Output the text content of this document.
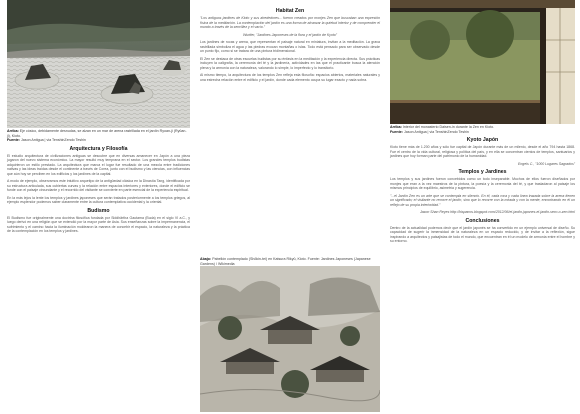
Arriba: Eje cósico, debidamente desnudas, se alzan en un mar de arena rastrillada en el jardín Ryoan-ji (Ryūan-ji), Kioto.
Fuente: Jason Antigua | via TenshinZendo Teshin
Arquitectura y Filosofía

El estudio arquitectura de civilizaciones antiguas se descubre que en diversas amanecer en Japón a una pieza jugaron del nuevo sistema económico. La mayor resultó muy temprana en el sector. Los grandes templos budistas adquirieron un estilo prestado. La arquitectura que marca el lugar fue resultado de una mezcla entre tradiciones nativas y las ideas traídas desde el continente a través de Corea, junto con el budismo y las ciencias, con influencias que aún hoy se perciben en los edificios y los jardines de la capital.

A modo de ejemplo, observamos este intuitivo arquetipo de la antigüedad clásica en la Dinastía Tang, identificada por su estructura articulada, sus cubiertas curvas y la relación entre espacios interiores y exteriores, donde el edificio se funde con el paisaje circundante y el recorrido del visitante se convierte en parte esencial de la experiencia espiritual.

En la más lejos la lente los templos y jardines japoneses que serán tratados posteriormente a los templos griegos, al ejemplo esplendor podemos saber claramente entre la cultura contemplativa occidental y la oriental.

Budismo

El Budismo fue originalmente una doctrina filosófica fundada por Siddhārtha Gautama (Buda) en el siglo VI a.C., y luego derivó en una religión que se extendió por la mayor parte de Asia. Sus enseñanzas sobre la impermanencia, el sufrimiento y el camino hacia la iluminación moldearon la manera de concebir el espacio, la naturaleza y la práctica de la contemplación en los templos y jardines.

Habitat Zen

"Los antiguos jardines de Kioto y sus alrededores... fueron creados por monjes Zen que buscaban una expresión física de la meditación. La contemplación del jardín es una forma de alcanzar la quietud interior y de comprender el mundo a través de la sencillez y el vacío."

Wurtter, "Jardines Japoneses de la flora y el jardín de Kyoto"

Los jardines de rocas y arena, que representan el paisaje natural en miniatura, invitan a la meditación. La grava rastrillada simboliza el agua y las piedras evocan montañas o islas. Todo está pensado para ser observado desde un punto fijo, como si se tratara de una pintura tridimensional.

El Zen se destaca de otras escuelas budistas por su énfasis en la meditación y la experiencia directa. Sus prácticas incluyen la caligrafía, la ceremonia del té y la jardinería, actividades en las que el practicante busca la atención plena y la armonía con la naturaleza, valorando lo simple, lo imperfecto y lo transitorio.

Al mismo tiempo, la arquitectura de los templos Zen refleja esta filosofía: espacios abiertos, materiales naturales y una estrecha relación entre el edificio y el jardín, donde cada elemento ocupa su lugar exacto y nada sobra.

Abajo: Pabellón contemplado (Shōkin-tei) en Katsura Rikyū, Kioto. Fuente: Jardines Japoneses (Japanese Gardens) / Wikimedia
Arriba: Interior del monasterio Daisen-in durante la Zen en Kioto.
Fuente: Jason Antigua | via TenshinZendo Teshin
Kyoto Japón

Kioto tiene más de 1.200 años y sólo fue capital de Japón durante más de un milenio, desde el año 794 hasta 1868. Fue el centro de la vida cultural, religiosa y política del país, y en ella se concentran cientos de templos, santuarios y jardines que hoy forman parte del patrimonio de la humanidad.

Engels C., "1000 Lugares Sagrados"

Templos y Jardines

Los templos y sus jardines fueron concebidos como un todo inseparable. Muchos de ellos fueron diseñados por monjes que eran a la vez maestros de la pintura, la poesía y la ceremonia del té, y que trasladaron al paisaje los mismos principios de equilibrio, asimetría y sugerencia.

"...el Jardín Zen es un arte que se contempla en silencio. En él, cada roca y cada línea trazada sobre la arena tienen un significado; el visitante no recorre el jardín, sino que lo recorre con la mirada y con la mente, encontrando en él un reflejo de su propia interioridad."

Jason Shan Reyes http://hispanos.blogspot.com/2012/06/el-jardin-japones-el-jardin-seco-o-zen.html

Conclusiones

Dentro de la actualidad podemos decir que el jardín japonés se ha convertido en un ejemplo universal de diseño. Su capacidad de sugerir la inmensidad de la naturaleza en un espacio reducido, y de invitar a la reflexión, sigue inspirando a arquitectos y paisajistas de todo el mundo, que encuentran en él un modelo de armonía entre el hombre y su entorno.
